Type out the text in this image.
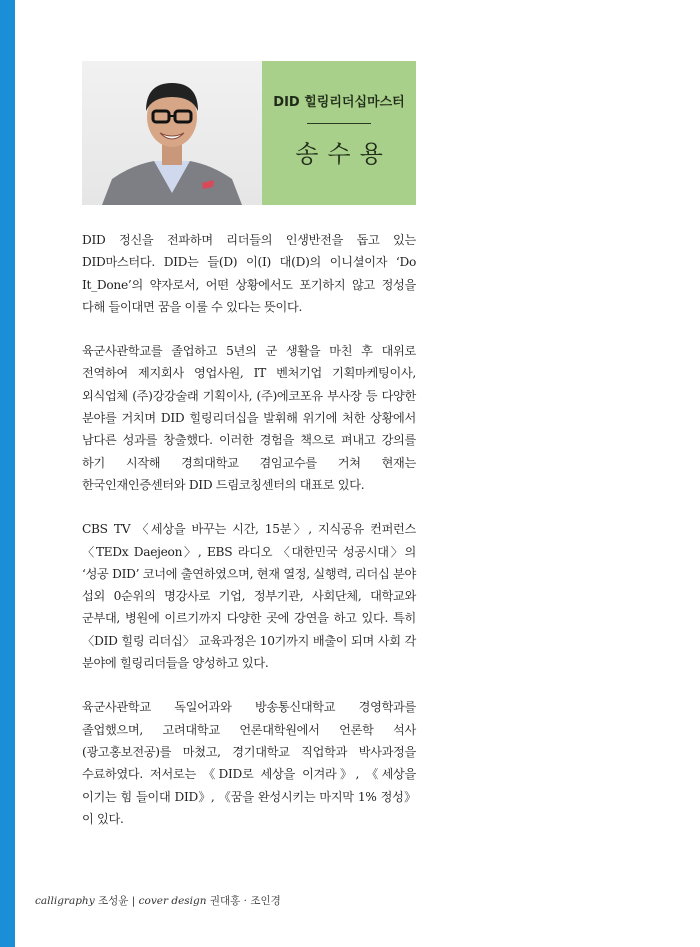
DID 힐링리더십마스터
송수용

DID 정신을 전파하며 리더들의 인생반전을 돕고 있는 DID마스터다. DID는 들(D) 이(I) 대(D)의 이니셜이자 ‘Do It_Done’의 약자로서, 어떤 상황에서도 포기하지 않고 정성을 다해 들이대면 꿈을 이룰 수 있다는 뜻이다.

육군사관학교를 졸업하고 5년의 군 생활을 마친 후 대위로 전역하여 제지회사 영업사원, IT 벤처기업 기획마케팅이사, 외식업체 (주)강강술래 기획이사, (주)에코포유 부사장 등 다양한 분야를 거치며 DID 힐링리더십을 발휘해 위기에 처한 상황에서 남다른 성과를 창출했다. 이러한 경험을 책으로 펴내고 강의를 하기 시작해 경희대학교 겸임교수를 거쳐 현재는 한국인재인증센터와 DID 드림코칭센터의 대표로 있다.

CBS TV 〈세상을 바꾸는 시간, 15분〉, 지식공유 컨퍼런스 〈TEDx Daejeon〉, EBS 라디오 〈대한민국 성공시대〉의 ‘성공 DID’ 코너에 출연하였으며, 현재 열정, 실행력, 리더십 분야 섭외 0순위의 명강사로 기업, 정부기관, 사회단체, 대학교와 군부대, 병원에 이르기까지 다양한 곳에 강연을 하고 있다. 특히 〈DID 힐링 리더십〉 교육과정은 10기까지 배출이 되며 사회 각 분야에 힐링리더들을 양성하고 있다.

육군사관학교 독일어과와 방송통신대학교 경영학과를 졸업했으며, 고려대학교 언론대학원에서 언론학 석사(광고홍보전공)를 마쳤고, 경기대학교 직업학과 박사과정을 수료하였다. 저서로는 《DID로 세상을 이겨라》, 《세상을 이기는 힘 들이대 DID》, 《꿈을 완성시키는 마지막 1% 정성》이 있다.

calligraphy 조성윤 | cover design 권대홍 · 조인경
